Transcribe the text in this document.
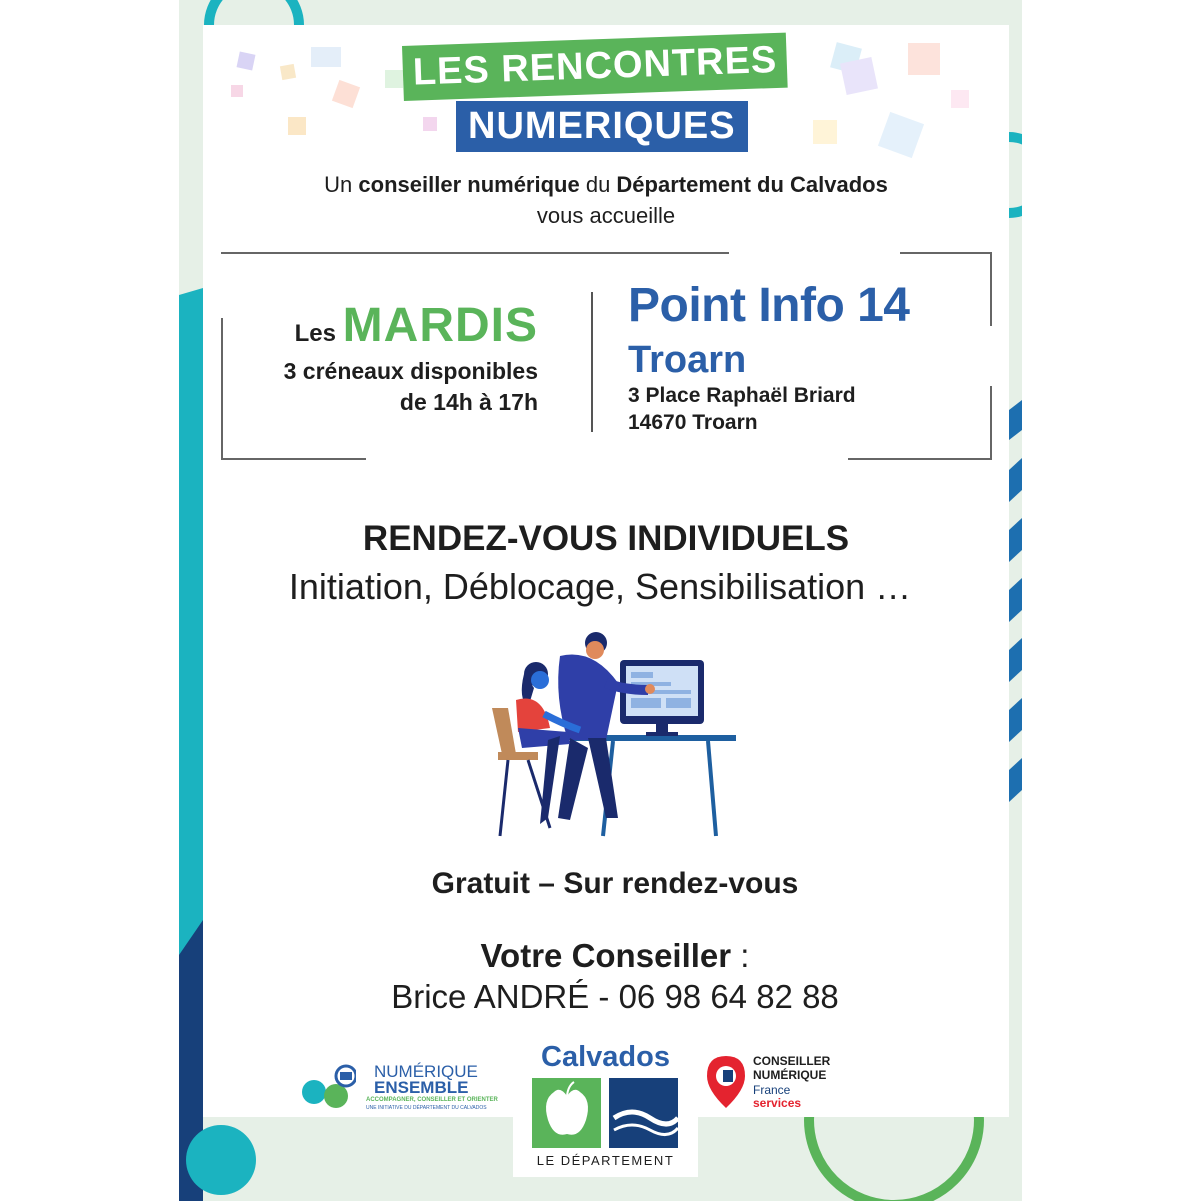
LES RENCONTRES
NUMERIQUES
Un conseiller numérique du Département du Calvados
vous accueille
Les MARDIS
3 créneaux disponibles
de 14h à 17h
Point Info 14
Troarn
3 Place Raphaël Briard
14670 Troarn
RENDEZ-VOUS INDIVIDUELS
Initiation, Déblocage, Sensibilisation …
Gratuit – Sur rendez-vous
Votre Conseiller :
Brice ANDRÉ - 06 98 64 82 88
NUMÉRIQUE
ENSEMBLE
ACCOMPAGNER, CONSEILLER ET ORIENTER
UNE INITIATIVE DU DÉPARTEMENT DU CALVADOS
Calvados
LE DÉPARTEMENT
CONSEILLER
NUMÉRIQUE
France
services
